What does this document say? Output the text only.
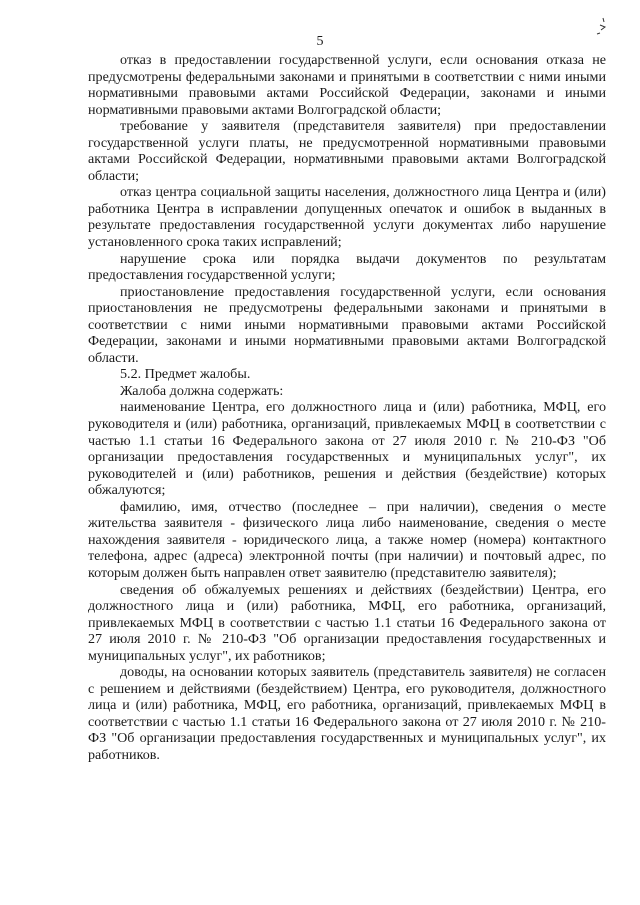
5

отказ в предоставлении государственной услуги, если основания отказа не предусмотрены федеральными законами и принятыми в соответствии с ними иными нормативными правовыми актами Российской Федерации, законами и иными нормативными правовыми актами Волгоградской области;

требование у заявителя (представителя заявителя) при предоставлении государственной услуги платы, не предусмотренной нормативными правовыми актами Российской Федерации, нормативными правовыми актами Волгоградской области;

отказ центра социальной защиты населения, должностного лица Центра и (или) работника Центра в исправлении допущенных опечаток и ошибок в выданных в результате предоставления государственной услуги документах либо нарушение установленного срока таких исправлений;

нарушение срока или порядка выдачи документов по результатам предоставления государственной услуги;

приостановление предоставления государственной услуги, если основания приостановления не предусмотрены федеральными законами и принятыми в соответствии с ними иными нормативными правовыми актами Российской Федерации, законами и иными нормативными правовыми актами Волгоградской области.

5.2. Предмет жалобы.

Жалоба должна содержать:

наименование Центра, его должностного лица и (или) работника, МФЦ, его руководителя и (или) работника, организаций, привлекаемых МФЦ в соответствии с частью 1.1 статьи 16 Федерального закона от 27 июля 2010 г. № 210-ФЗ "Об организации предоставления государственных и муниципальных услуг", их руководителей и (или) работников, решения и действия (бездействие) которых обжалуются;

фамилию, имя, отчество (последнее – при наличии), сведения о месте жительства заявителя - физического лица либо наименование, сведения о месте нахождения заявителя - юридического лица, а также номер (номера) контактного телефона, адрес (адреса) электронной почты (при наличии) и почтовый адрес, по которым должен быть направлен ответ заявителю (представителю заявителя);

сведения об обжалуемых решениях и действиях (бездействии) Центра, его должностного лица и (или) работника, МФЦ, его работника, организаций, привлекаемых МФЦ в соответствии с частью 1.1 статьи 16 Федерального закона от 27 июля 2010 г. № 210-ФЗ "Об организации предоставления государственных и муниципальных услуг", их работников;

доводы, на основании которых заявитель (представитель заявителя) не согласен с решением и действиями (бездействием) Центра, его руководителя, должностного лица и (или) работника, МФЦ, его работника, организаций, привлекаемых МФЦ в соответствии с частью 1.1 статьи 16 Федерального закона от 27 июля 2010 г. № 210-ФЗ "Об организации предоставления государственных и муниципальных услуг", их работников.
